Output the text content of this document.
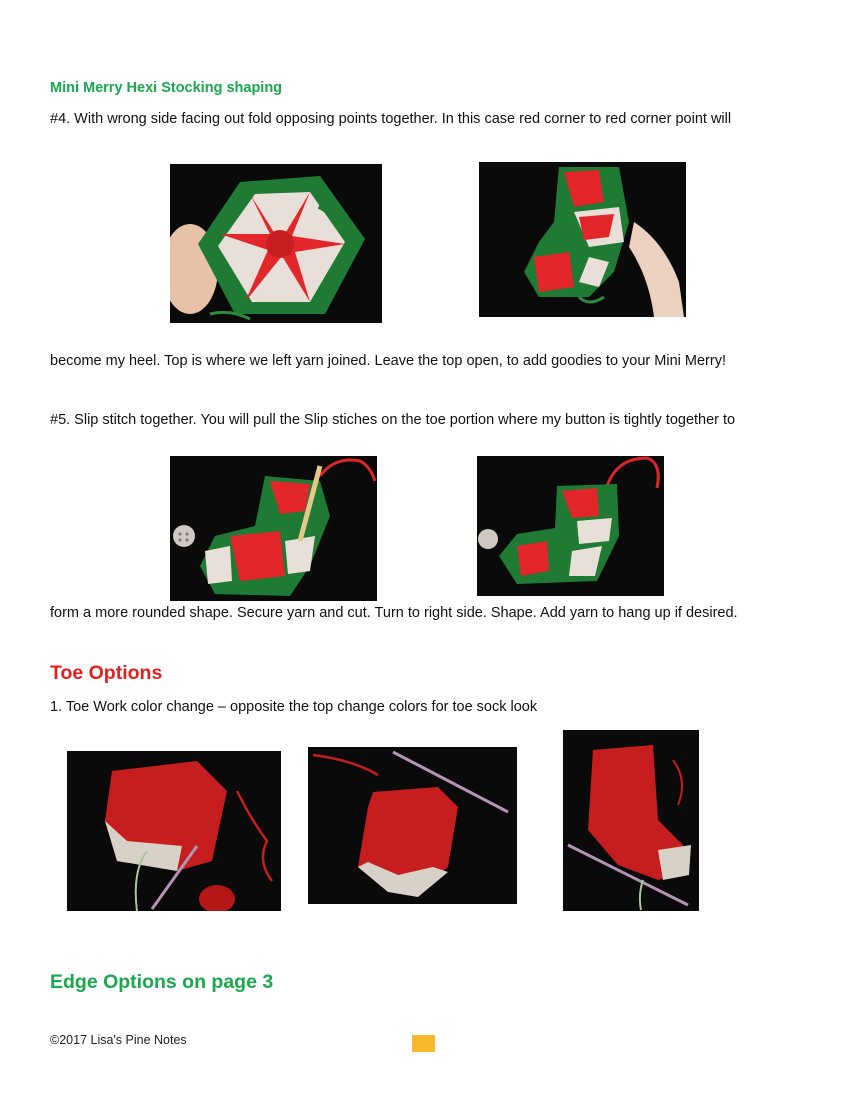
Mini Merry Hexi Stocking shaping
#4. With wrong side facing out fold opposing points together. In this case red corner to red corner point will
become my heel. Top is where we left yarn joined. Leave the top open, to add goodies to your Mini Merry!
#5. Slip stitch together. You will pull the Slip stiches on the toe portion where my button is tightly together to
form a more rounded shape. Secure yarn and cut. Turn to right side. Shape. Add yarn to hang up if desired.
Toe Options
1. Toe Work color change – opposite the top change colors for toe sock look
Edge Options on page 3
©2017 Lisa's Pine Notes
